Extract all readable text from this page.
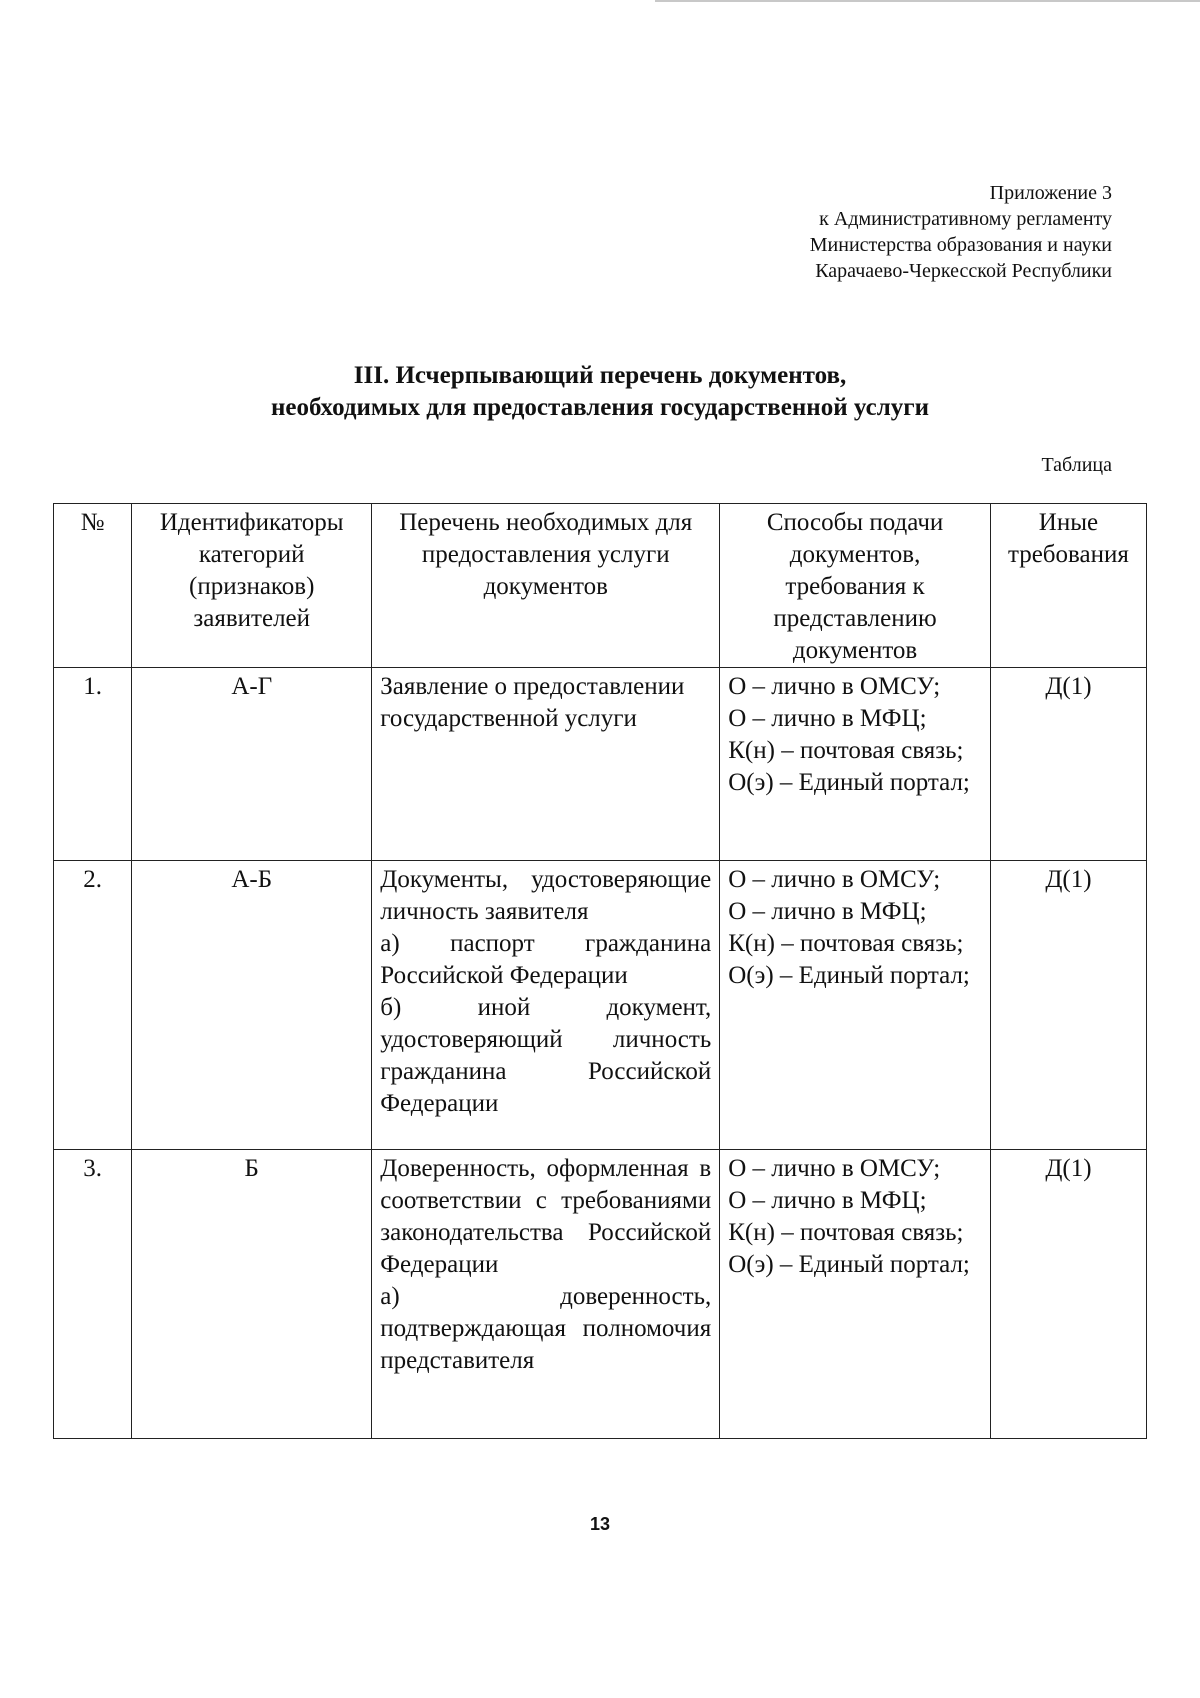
Приложение 3
к Административному регламенту
Министерства образования и науки
Карачаево-Черкесской Республики
III. Исчерпывающий перечень документов,
необходимых для предоставления государственной услуги
Таблица
№	Идентификаторы категорий (признаков) заявителей	Перечень необходимых для предоставления услуги документов	Способы подачи документов, требования к представлению документов	Иные требования
1.	А-Г	Заявление о предоставлении государственной услуги	О – лично в ОМСУ;
О – лично в МФЦ;
К(н) – почтовая связь;
О(э) – Единый портал;	Д(1)
2.	А-Б	Документы, удостоверяющие личность заявителя
а) паспорт гражданина Российской Федерации
б) иной документ, удостоверяющий личность гражданина Российской Федерации	О – лично в ОМСУ;
О – лично в МФЦ;
К(н) – почтовая связь;
О(э) – Единый портал;	Д(1)
3.	Б	Доверенность, оформленная в соответствии с требованиями законодательства Российской Федерации
а) доверенность, подтверждающая полномочия представителя	О – лично в ОМСУ;
О – лично в МФЦ;
К(н) – почтовая связь;
О(э) – Единый портал;	Д(1)
13
